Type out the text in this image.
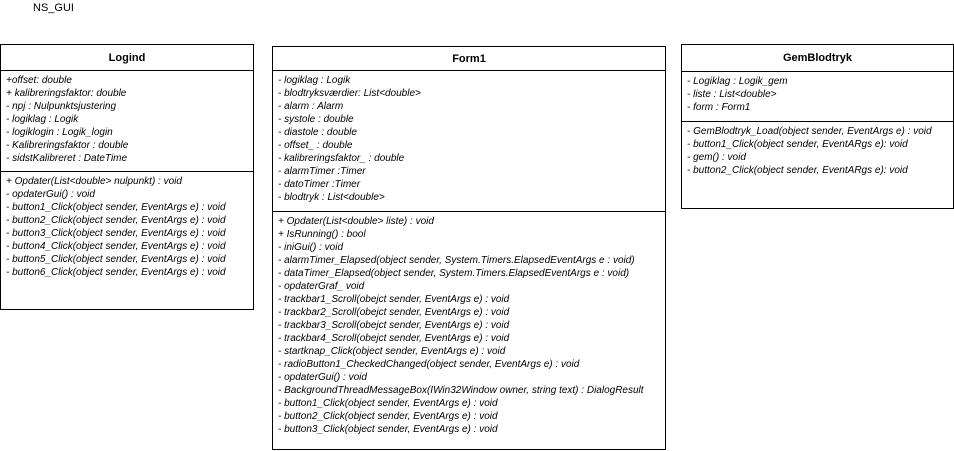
NS_GUI
Logind
+offset: double
+ kalibreringsfaktor: double
- npj : Nulpunktsjustering
- logiklag : Logik
- logiklogin : Logik_login
- Kalibreringsfaktor : double
- sidstKalibreret : DateTime
+ Opdater(List<double> nulpunkt) : void
- opdaterGui() : void
- button1_Click(object sender, EventArgs e) : void
- button2_Click(object sender, EventArgs e) : void
- button3_Click(object sender, EventArgs e) : void
- button4_Click(object sender, EventArgs e) : void
- button5_Click(object sender, EventArgs e) : void
- button6_Click(object sender, EventArgs e) : void
Form1
- logiklag : Logik
- blodtryksværdier: List<double>
- alarm : Alarm
- systole : double
- diastole : double
- offset_ : double
- kalibreringsfaktor_ : double
- alarmTimer :Timer
- datoTimer :Timer
- blodtryk : List<double>
+ Opdater(List<double> liste) : void
+ IsRunning() : bool
- iniGui() : void
- alarmTimer_Elapsed(object sender, System.Timers.ElapsedEventArgs e : void)
- dataTimer_Elapsed(object sender, System.Timers.ElapsedEventArgs e : void)
- opdaterGraf_ void
- trackbar1_Scroll(obejct sender, EventArgs e) : void
- trackbar2_Scroll(obejct sender, EventArgs e) : void
- trackbar3_Scroll(obejct sender, EventArgs e) : void
- trackbar4_Scroll(obejct sender, EventArgs e) : void
- startknap_Click(object sender, EventArgs e) : void
- radioButton1_CheckedChanged(object sender, EventArgs e) : void
- opdaterGui() : void
- BackgroundThreadMessageBox(IWin32Window owner, string text) : DialogResult
- button1_Click(object sender, EventArgs e) : void
- button2_Click(object sender, EventArgs e) : void
- button3_Click(object sender, EventArgs e) : void
GemBlodtryk
- Logiklag : Logik_gem
- liste : List<double>
- form : Form1
- GemBlodtryk_Load(object sender, EventArgs e) : void
- button1_Click(object sender, EventARgs e): void
- gem() : void
- button2_Click(object sender, EventARgs e): void
